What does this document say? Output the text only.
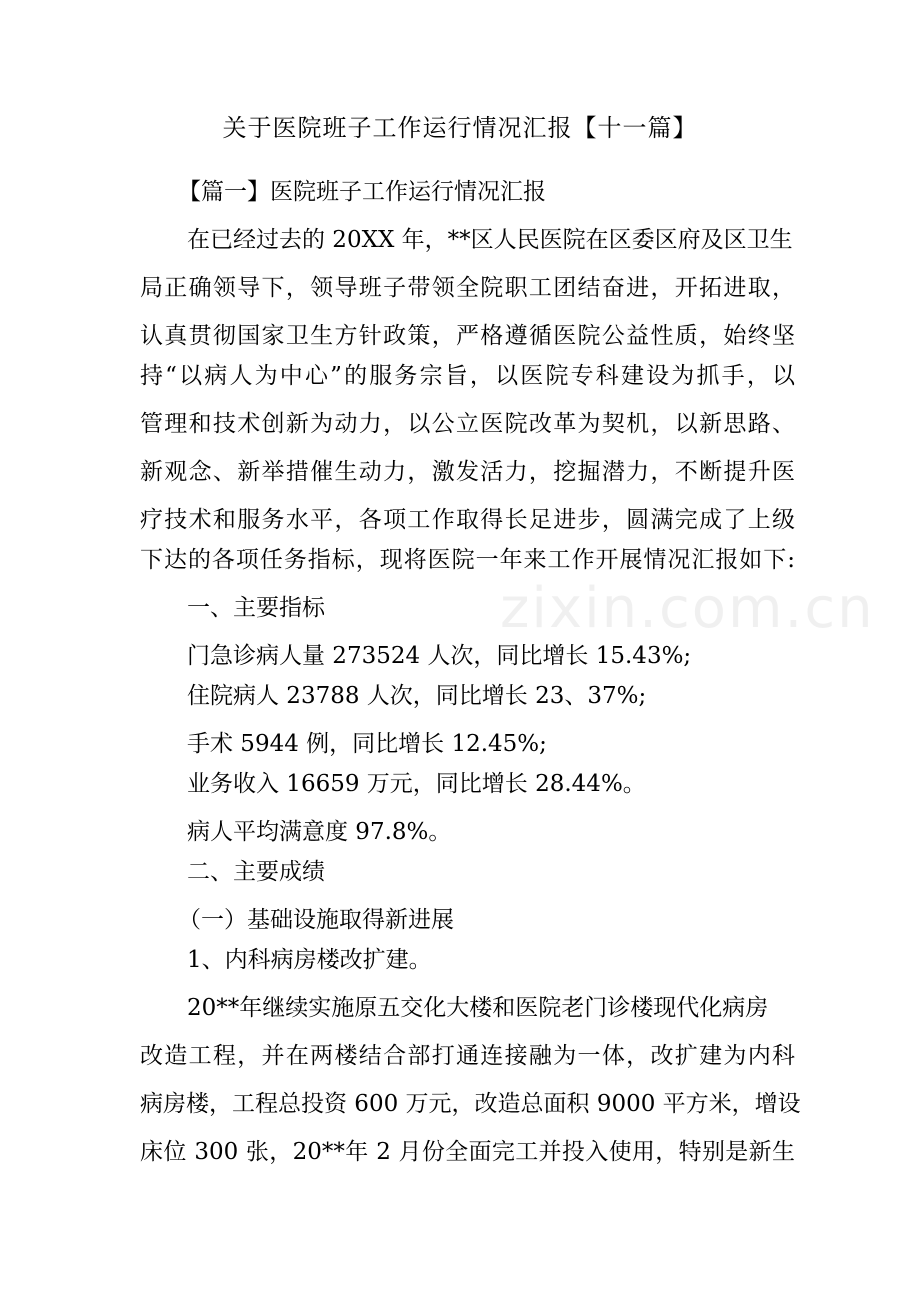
zixin.com.cn
关于医院班子工作运行情况汇报【十一篇】
【篇一】医院班子工作运行情况汇报
在已经过去的 20XX 年，**区人民医院在区委区府及区卫生
局正确领导下，领导班子带领全院职工团结奋进，开拓进取，
认真贯彻国家卫生方针政策，严格遵循医院公益性质，始终坚
持“以病人为中心”的服务宗旨，以医院专科建设为抓手，以
管理和技术创新为动力，以公立医院改革为契机，以新思路、
新观念、新举措催生动力，激发活力，挖掘潜力，不断提升医
疗技术和服务水平，各项工作取得长足进步，圆满完成了上级
下达的各项任务指标，现将医院一年来工作开展情况汇报如下:
一、主要指标
门急诊病人量 273524 人次，同比增长 15.43%;
住院病人 23788 人次，同比增长 23、37%;
手术 5944 例，同比增长 12.45%;
业务收入 16659 万元，同比增长 28.44%。
病人平均满意度 97.8%。
二、主要成绩
（一）基础设施取得新进展
1、内科病房楼改扩建。
20**年继续实施原五交化大楼和医院老门诊楼现代化病房
改造工程，并在两楼结合部打通连接融为一体，改扩建为内科
病房楼，工程总投资 600 万元，改造总面积 9000 平方米，增设
床位 300 张，20**年 2 月份全面完工并投入使用，特别是新生
